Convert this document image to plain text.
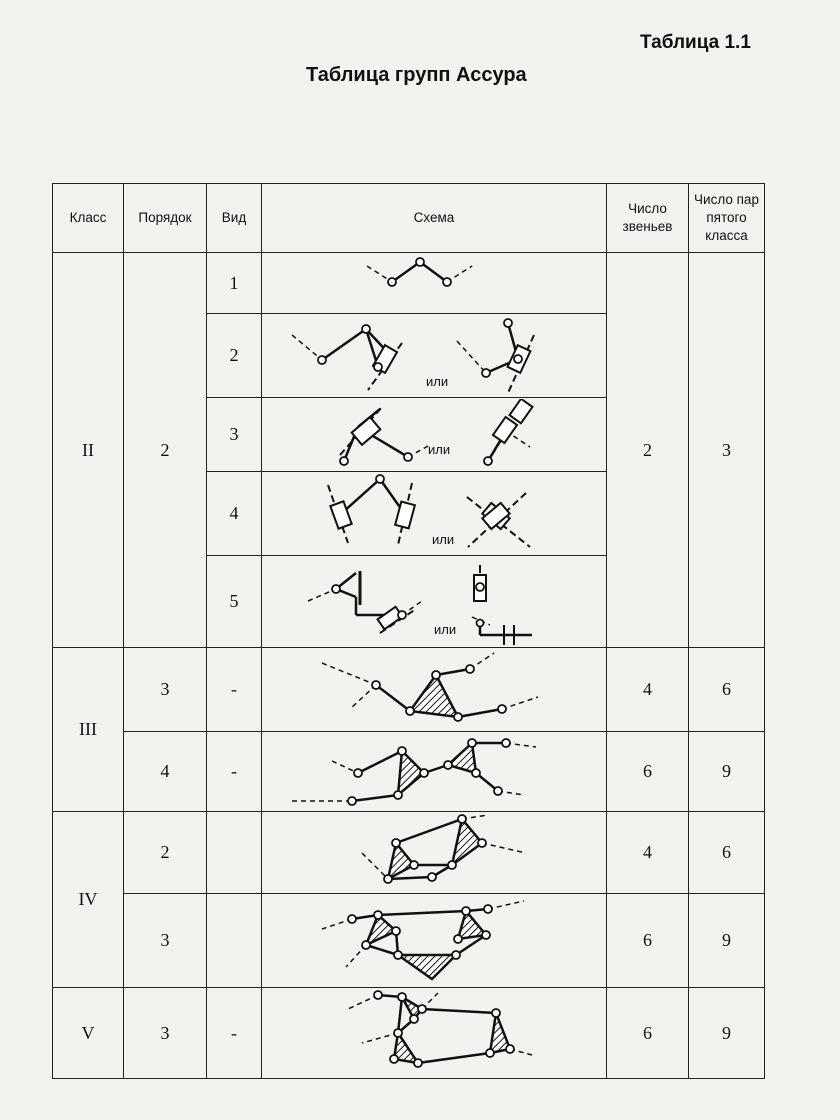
Таблица 1.1
Таблица групп Ассура
Класс	Порядок	Вид	Схема	Число звеньев	Число пар пятого класса
II	2	1		2	3
		2	или		

		3	или		

		4	или		

		5	или		

III	3	-		4	6
	4	-		6	9
IV	2			4	6
	3			6	9
V	3	-		6	9
